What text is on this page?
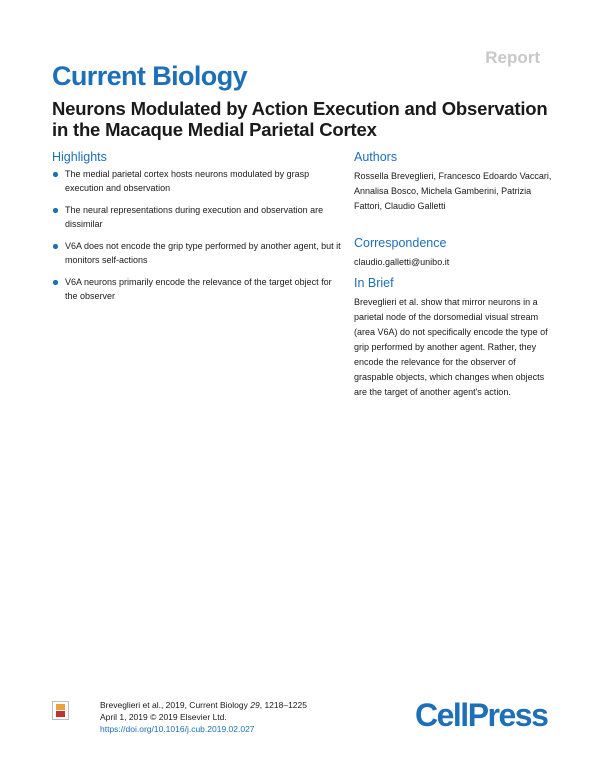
Report
Current Biology
Neurons Modulated by Action Execution and Observation in the Macaque Medial Parietal Cortex
Highlights
The medial parietal cortex hosts neurons modulated by grasp execution and observation
The neural representations during execution and observation are dissimilar
V6A does not encode the grip type performed by another agent, but it monitors self-actions
V6A neurons primarily encode the relevance of the target object for the observer
Authors
Rossella Breveglieri, Francesco Edoardo Vaccari, Annalisa Bosco, Michela Gamberini, Patrizia Fattori, Claudio Galletti
Correspondence
claudio.galletti@unibo.it
In Brief
Breveglieri et al. show that mirror neurons in a parietal node of the dorsomedial visual stream (area V6A) do not specifically encode the type of grip performed by another agent. Rather, they encode the relevance for the observer of graspable objects, which changes when objects are the target of another agent's action.
Breveglieri et al., 2019, Current Biology 29, 1218–1225
April 1, 2019 © 2019 Elsevier Ltd.
https://doi.org/10.1016/j.cub.2019.02.027	CellPress
